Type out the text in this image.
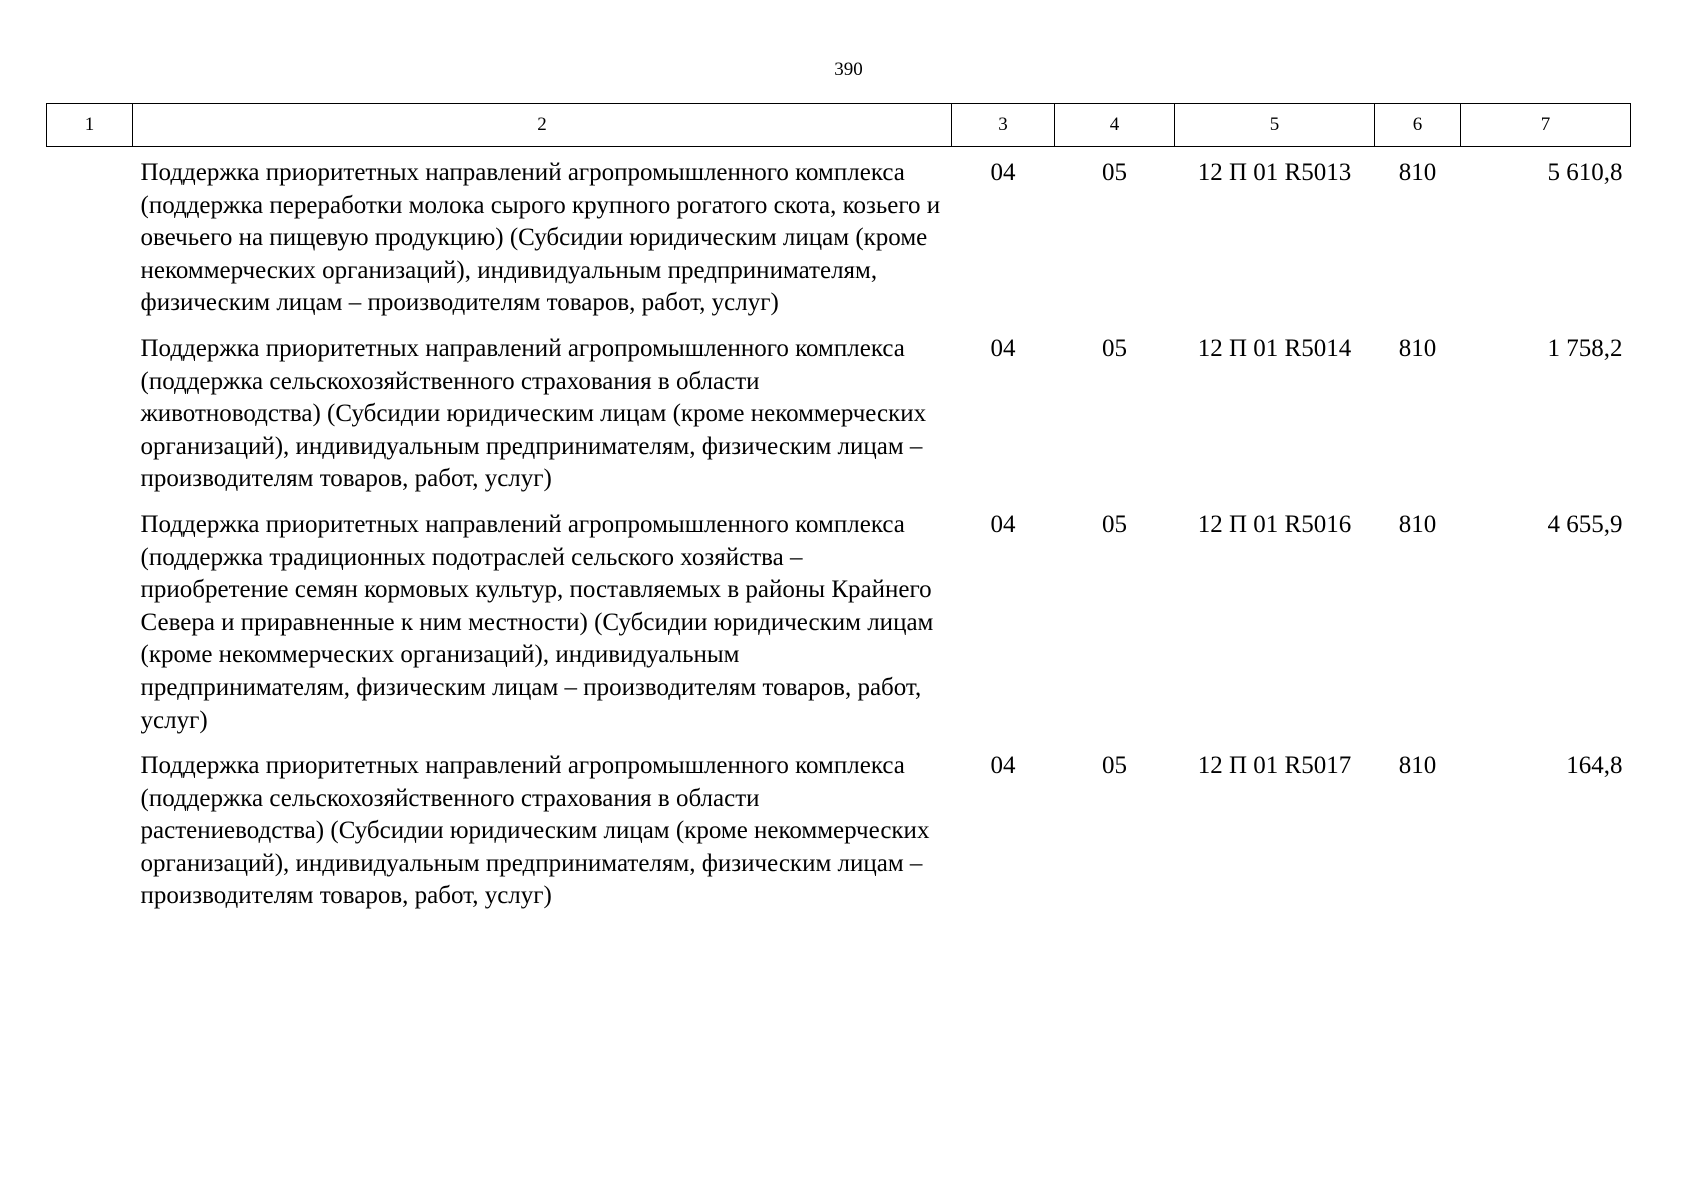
390
1	2	3	4	5	6	7
	Поддержка приоритетных направлений агропромышленного комплекса (поддержка переработки молока сырого крупного рогатого скота, козьего и овечьего на пищевую продукцию) (Субсидии юридическим лицам (кроме некоммерческих организаций), индивидуальным предпринимателям, физическим лицам – производителям товаров, работ, услуг)	04	05	12 П 01 R5013	810	5 610,8
	Поддержка приоритетных направлений агропромышленного комплекса (поддержка сельскохозяйственного страхования в области животноводства) (Субсидии юридическим лицам (кроме некоммерческих организаций), индивидуальным предпринимателям, физическим лицам – производителям товаров, работ, услуг)	04	05	12 П 01 R5014	810	1 758,2
	Поддержка приоритетных направлений агропромышленного комплекса (поддержка традиционных подотраслей сельского хозяйства – приобретение семян кормовых культур, поставляемых в районы Крайнего Севера и приравненные к ним местности) (Субсидии юридическим лицам (кроме некоммерческих организаций), индивидуальным предпринимателям, физическим лицам – производителям товаров, работ, услуг)	04	05	12 П 01 R5016	810	4 655,9
	Поддержка приоритетных направлений агропромышленного комплекса (поддержка сельскохозяйственного страхования в области растениеводства) (Субсидии юридическим лицам (кроме некоммерческих организаций), индивидуальным предпринимателям, физическим лицам – производителям товаров, работ, услуг)	04	05	12 П 01 R5017	810	164,8
